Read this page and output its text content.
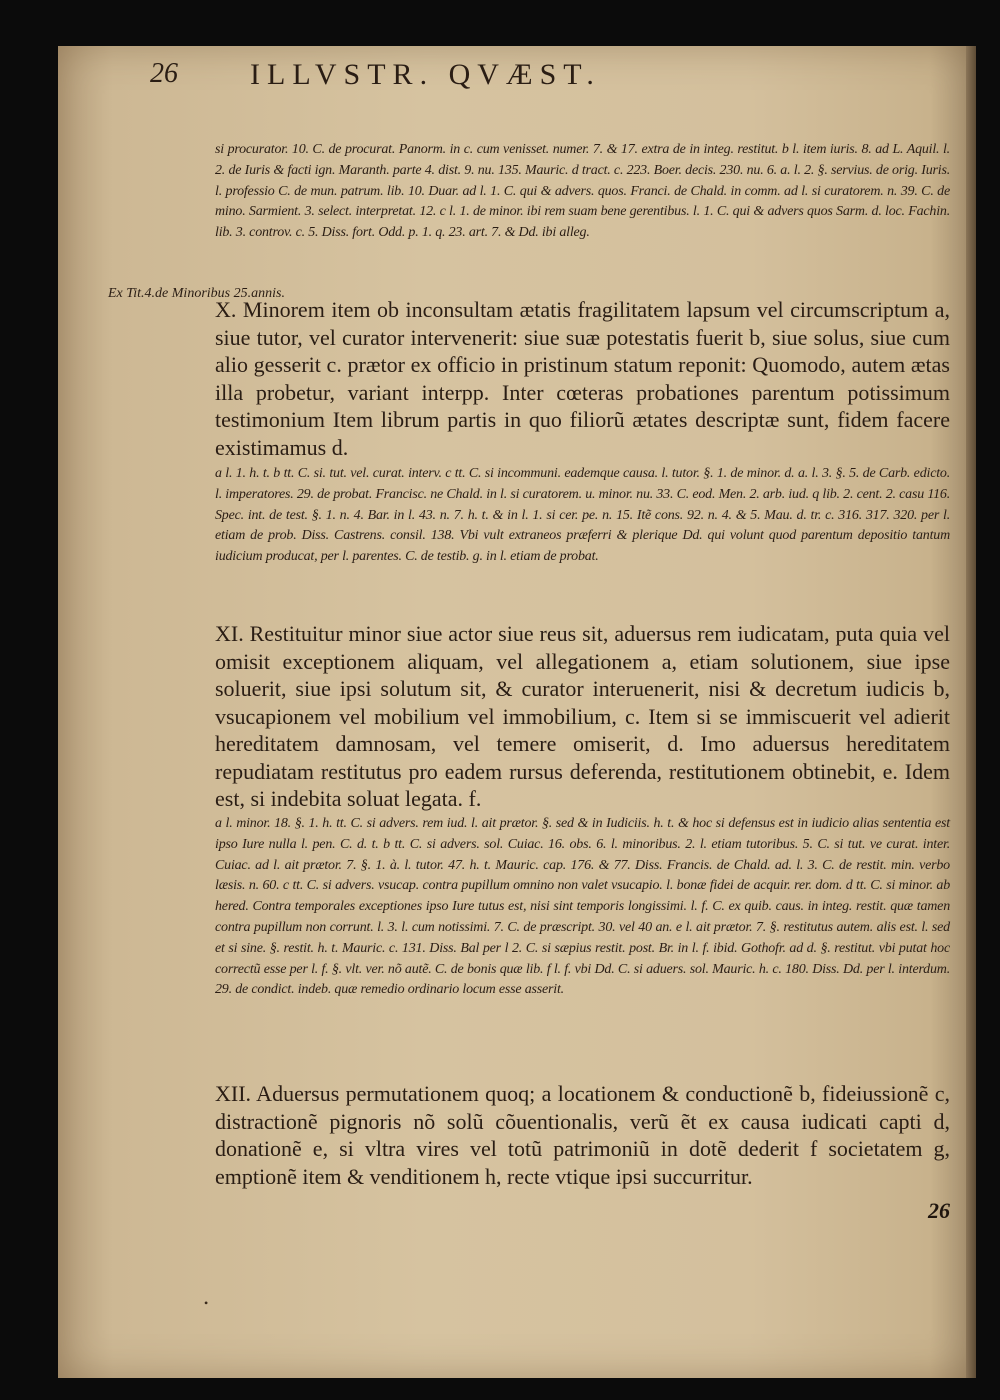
26 ILLVSTR. QVÆST.
Ex Tit.4.de Minoribus 25.annis.

si procurator. 10. C. de procurat. Panorm. in c. cum venisset. numer. 7. & 17. extra de in integ. restitut. b l. item iuris. 8. ad L. Aquil. l. 2. de Iuris & facti ign. Maranth. parte 4. dist. 9. nu. 135. Mauric. d tract. c. 223. Boer. decis. 230. nu. 6. a. l. 2. §. servius. de orig. Iuris. l. professio C. de mun. patrum. lib. 10. Duar. ad l. 1. C. qui & advers. quos. Franci. de Chald. in comm. ad l. si curatorem. n. 39. C. de mino. Sarmient. 3. select. interpretat. 12. c l. 1. de minor. ibi rem suam bene gerentibus. l. 1. C. qui & advers quos Sarm. d. loc. Fachin. lib. 3. controv. c. 5. Diss. fort. Odd. p. 1. q. 23. art. 7. & Dd. ibi alleg.

X. Minorem item ob inconsultam ætatis fragilitatem lapsum vel circumscriptum a, siue tutor, vel curator intervenerit: siue suæ potestatis fuerit b, siue solus, siue cum alio gesserit c. prætor ex officio in pristinum statum reponit: Quomodo, autem ætas illa probetur, variant interpp. Inter cœteras probationes parentum potissimum testimonium Item librum partis in quo filiorũ ætates descriptæ sunt, fidem facere existimamus d.

a l. 1. h. t. b tt. C. si. tut. vel. curat. interv. c tt. C. si incommuni. eademque causa. l. tutor. §. 1. de minor. d. a. l. 3. §. 5. de Carb. edicto. l. imperatores. 29. de probat. Francisc. ne Chald. in l. si curatorem. u. minor. nu. 33. C. eod. Men. 2. arb. iud. q lib. 2. cent. 2. casu 116. Spec. int. de test. §. 1. n. 4. Bar. in l. 43. n. 7. h. t. & in l. 1. si cer. pe. n. 15. Itẽ cons. 92. n. 4. & 5. Mau. d. tr. c. 316. 317. 320. per l. etiam de prob. Diss. Castrens. consil. 138. Vbi vult extraneos præferri & plerique Dd. qui volunt quod parentum depositio tantum iudicium producat, per l. parentes. C. de testib. g. in l. etiam de probat.

XI. Restituitur minor siue actor siue reus sit, aduersus rem iudicatam, puta quia vel omisit exceptionem aliquam, vel allegationem a, etiam solutionem, siue ipse soluerit, siue ipsi solutum sit, & curator interuenerit, nisi & decretum iudicis b, vsucapionem vel mobilium vel immobilium, c. Item si se immiscuerit vel adierit hereditatem damnosam, vel temere omiserit, d. Imo aduersus hereditatem repudiatam restitutus pro eadem rursus deferenda, restitutionem obtinebit, e. Idem est, si indebita soluat legata. f.

a l. minor. 18. §. 1. h. tt. C. si advers. rem iud. l. ait prætor. §. sed & in Iudiciis. h. t. & hoc si defensus est in iudicio alias sententia est ipso Iure nulla l. pen. C. d. t. b tt. C. si advers. sol. Cuiac. 16. obs. 6. l. minoribus. 2. l. etiam tutoribus. 5. C. si tut. ve curat. inter. Cuiac. ad l. ait prætor. 7. §. 1. à. l. tutor. 47. h. t. Mauric. cap. 176. & 77. Diss. Francis. de Chald. ad. l. 3. C. de restit. min. verbo læsis. n. 60. c tt. C. si advers. vsucap. contra pupillum omnino non valet vsucapio. l. bonæ fidei de acquir. rer. dom. d tt. C. si minor. ab hered. Contra temporales exceptiones ipso Iure tutus est, nisi sint temporis longissimi. l. f. C. ex quib. caus. in integ. restit. quæ tamen contra pupillum non corrunt. l. 3. l. cum notissimi. 7. C. de præscript. 30. vel 40 an. e l. ait prætor. 7. §. restitutus autem. alis est. l. sed et si sine. §. restit. h. t. Mauric. c. 131. Diss. Bal per l 2. C. si sæpius restit. post. Br. in l. f. ibid. Gothofr. ad d. §. restitut. vbi putat hoc correctũ esse per l. f. §. vlt. ver. nõ autẽ. C. de bonis quæ lib. f l. f. vbi Dd. C. si aduers. sol. Mauric. h. c. 180. Diss. Dd. per l. interdum. 29. de condict. indeb. quæ remedio ordinario locum esse asserit.

XII. Aduersus permutationem quoq; a locationem & conductionẽ b, fideiussionẽ c, distractionẽ pignoris nõ solũ cõuentionalis, verũ ẽt ex causa iudicati capti d, donationẽ e, si vltra vires vel totũ patrimoniũ in dotẽ dederit f societatem g, emptionẽ item & venditionem h, recte vtique ipsi succurritur.

26
•
